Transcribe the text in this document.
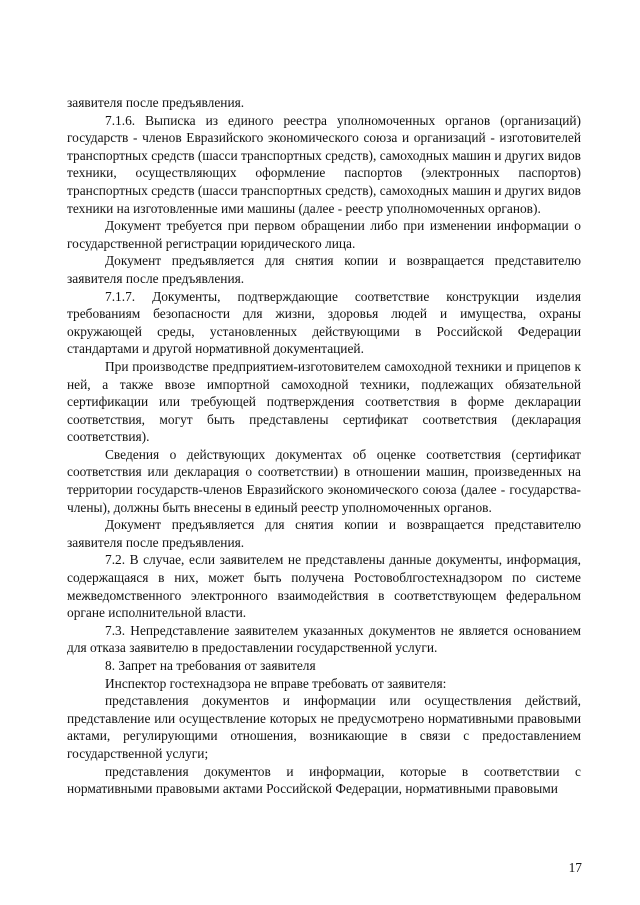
заявителя после предъявления.

7.1.6. Выписка из единого реестра уполномоченных органов (организаций) государств - членов Евразийского экономического союза и организаций - изготовителей транспортных средств (шасси транспортных средств), самоходных машин и других видов техники, осуществляющих оформление паспортов (электронных паспортов) транспортных средств (шасси транспортных средств), самоходных машин и других видов техники на изготовленные ими машины (далее - реестр уполномоченных органов).

Документ требуется при первом обращении либо при изменении информации о государственной регистрации юридического лица.

Документ предъявляется для снятия копии и возвращается представителю заявителя после предъявления.

7.1.7. Документы, подтверждающие соответствие конструкции изделия требованиям безопасности для жизни, здоровья людей и имущества, охраны окружающей среды, установленных действующими в Российской Федерации стандартами и другой нормативной документацией.

При производстве предприятием-изготовителем самоходной техники и прицепов к ней, а также ввозе импортной самоходной техники, подлежащих обязательной сертификации или требующей подтверждения соответствия в форме декларации соответствия, могут быть представлены сертификат соответствия (декларация соответствия).

Сведения о действующих документах об оценке соответствия (сертификат соответствия или декларация о соответствии) в отношении машин, произведенных на территории государств-членов Евразийского экономического союза (далее - государства-члены), должны быть внесены в единый реестр уполномоченных органов.

Документ предъявляется для снятия копии и возвращается представителю заявителя после предъявления.

7.2. В случае, если заявителем не представлены данные документы, информация, содержащаяся в них, может быть получена Ростовоблгостехнадзором по системе межведомственного электронного взаимодействия в соответствующем федеральном органе исполнительной власти.

7.3. Непредставление заявителем указанных документов не является основанием для отказа заявителю в предоставлении государственной услуги.

8. Запрет на требования от заявителя

Инспектор гостехнадзора не вправе требовать от заявителя:

представления документов и информации или осуществления действий, представление или осуществление которых не предусмотрено нормативными правовыми актами, регулирующими отношения, возникающие в связи с предоставлением государственной услуги;

представления документов и информации, которые в соответствии с нормативными правовыми актами Российской Федерации, нормативными правовыми

17
